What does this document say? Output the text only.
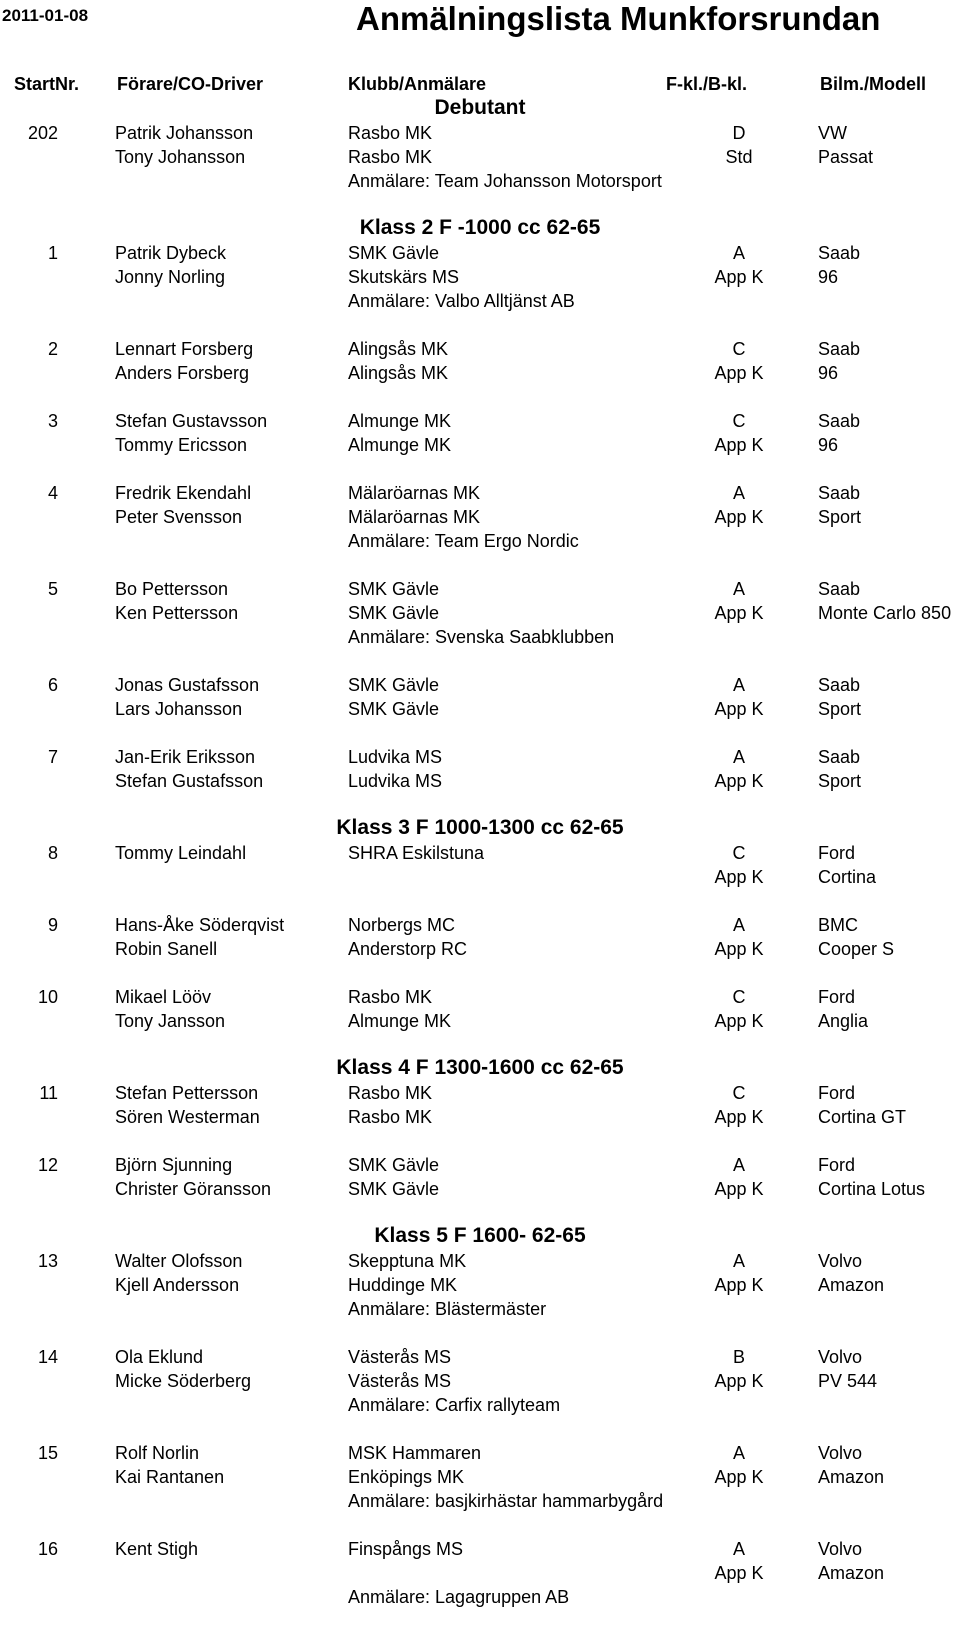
2011-01-08	Anmälningslista Munkforsrundan
StartNr. Förare/CO-Driver	Klubb/Anmälare	F-kl./B-kl.	Bilm./Modell
Debutant
202	Patrik Johansson	Rasbo MK	D	VW
Tony Johansson	Rasbo MK	Std	Passat
Anmälare: Team Johansson Motorsport
Klass 2 F -1000 cc 62-65
1	Patrik Dybeck	SMK Gävle	A	Saab
Jonny Norling	Skutskärs MS	App K	96
Anmälare: Valbo Alltjänst AB
2	Lennart Forsberg	Alingsås MK	C	Saab
Anders Forsberg	Alingsås MK	App K	96
3	Stefan Gustavsson	Almunge MK	C	Saab
Tommy Ericsson	Almunge MK	App K	96
4	Fredrik Ekendahl	Mälaröarnas MK	A	Saab
Peter Svensson	Mälaröarnas MK	App K	Sport
Anmälare: Team Ergo Nordic
5	Bo Pettersson	SMK Gävle	A	Saab
Ken Pettersson	SMK Gävle	App K	Monte Carlo 850
Anmälare: Svenska Saabklubben
6	Jonas Gustafsson	SMK Gävle	A	Saab
Lars Johansson	SMK Gävle	App K	Sport
7	Jan-Erik Eriksson	Ludvika MS	A	Saab
Stefan Gustafsson	Ludvika MS	App K	Sport
Klass 3 F 1000-1300 cc 62-65
8	Tommy Leindahl	SHRA Eskilstuna	C	Ford
App K	Cortina
9	Hans-Åke Söderqvist	Norbergs MC	A	BMC
Robin Sanell	Anderstorp RC	App K	Cooper S
10	Mikael Lööv	Rasbo MK	C	Ford
Tony Jansson	Almunge MK	App K	Anglia
Klass 4 F 1300-1600 cc 62-65
11	Stefan Pettersson	Rasbo MK	C	Ford
Sören Westerman	Rasbo MK	App K	Cortina GT
12	Björn Sjunning	SMK Gävle	A	Ford
Christer Göransson	SMK Gävle	App K	Cortina Lotus
Klass 5 F 1600- 62-65
13	Walter Olofsson	Skepptuna MK	A	Volvo
Kjell Andersson	Huddinge MK	App K	Amazon
Anmälare: Blästermäster
14	Ola Eklund	Västerås MS	B	Volvo
Micke Söderberg	Västerås MS	App K	PV 544
Anmälare: Carfix rallyteam
15	Rolf Norlin	MSK Hammaren	A	Volvo
Kai Rantanen	Enköpings MK	App K	Amazon
Anmälare: basjkirhästar hammarbygård
16	Kent Stigh	Finspångs MS	A	Volvo
App K	Amazon
Anmälare: Lagagruppen AB
